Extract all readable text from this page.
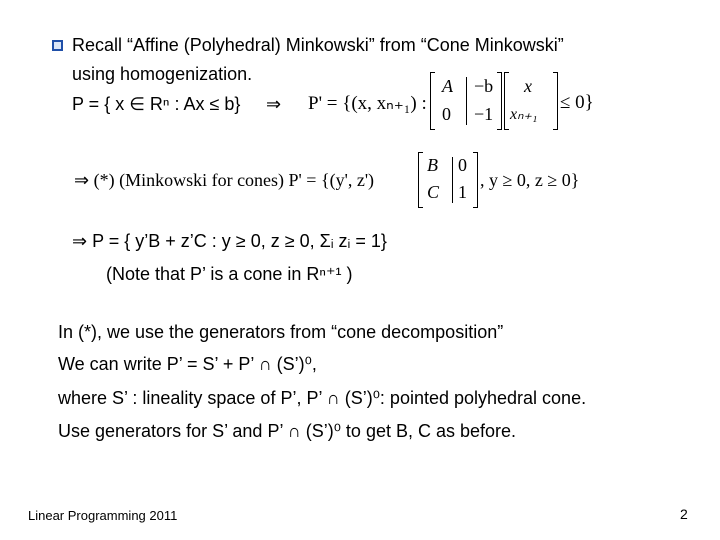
Recall “Affine (Polyhedral) Minkowski” from “Cone Minkowski”
using homogenization.
P = { x ∈ Rⁿ : Ax ≤ b} ⇒ P' = {(x, xₙ₊₁) :
A −b
0 −1
x
xₙ₊₁
≤ 0}
⇒ (*) (Minkowski for cones) P' = {(y', z')
B 0
C 1
, y ≥ 0, z ≥ 0}
⇒ P = { y’B + z’C : y ≥ 0, z ≥ 0, Σᵢ zᵢ = 1}
(Note that P’ is a cone in Rⁿ⁺¹ )
In (*), we use the generators from “cone decomposition”
We can write P’ = S’ + P’ ∩ (S’)⁰,
where S’ : lineality space of P’, P’ ∩ (S’)⁰: pointed polyhedral cone.
Use generators for S’ and P’ ∩ (S’)⁰ to get B, C as before.
Linear Programming 2011	2
